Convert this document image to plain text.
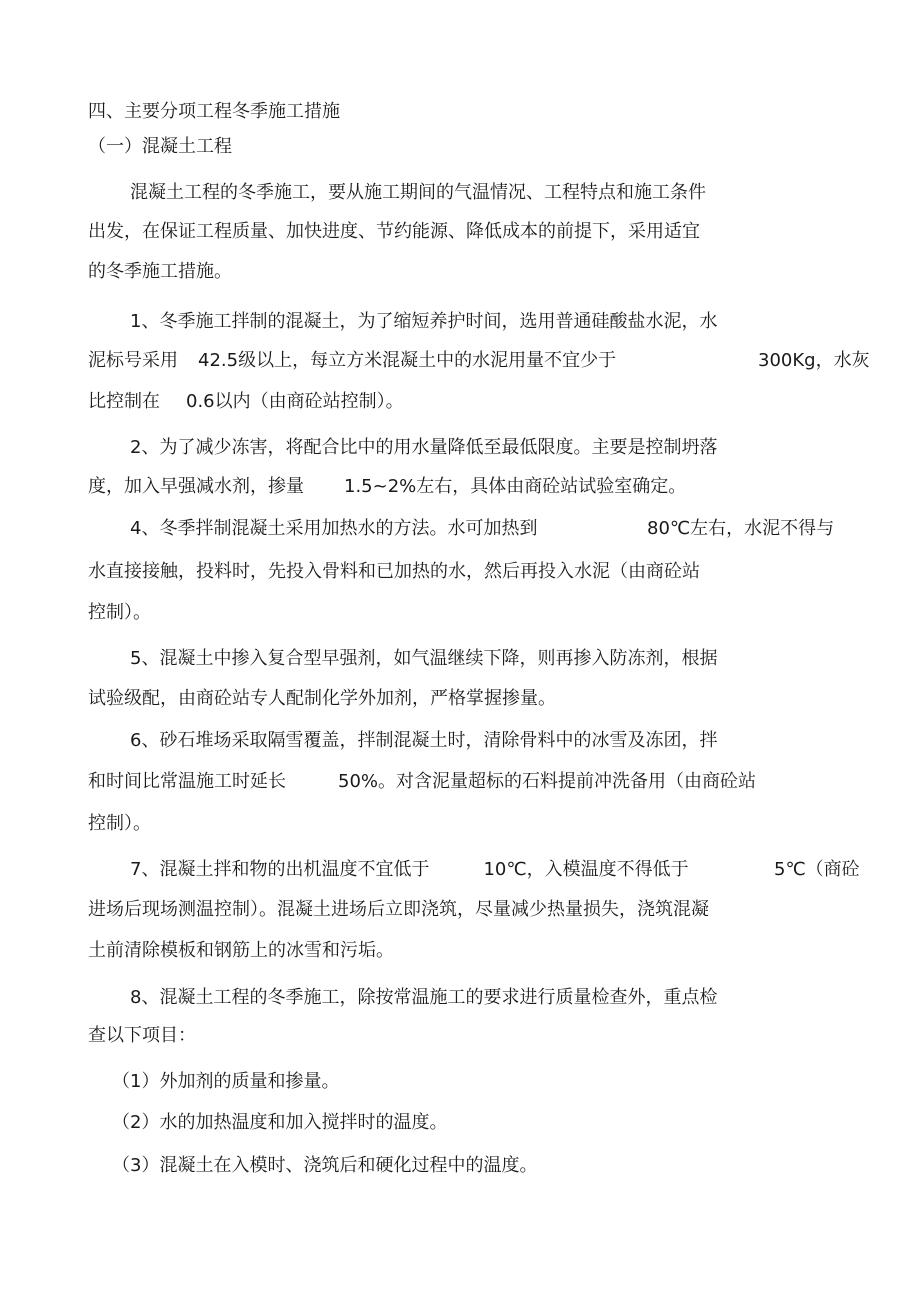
四、主要分项工程冬季施工措施
（一）混凝土工程
混凝土工程的冬季施工，要从施工期间的气温情况、工程特点和施工条件
出发，在保证工程质量、加快进度、节约能源、降低成本的前提下，采用适宜
的冬季施工措施。
1、冬季施工拌制的混凝土，为了缩短养护时间，选用普通硅酸盐水泥，水
泥标号采用 42.5级以上，每立方米混凝土中的水泥用量不宜少于	300Kg，水灰
比控制在 0.6以内（由商砼站控制）。
2、为了减少冻害，将配合比中的用水量降低至最低限度。主要是控制坍落
度，加入早强减水剂，掺量 1.5~2%左右，具体由商砼站试验室确定。
4、冬季拌制混凝土采用加热水的方法。水可加热到	80℃左右，水泥不得与
水直接接触，投料时，先投入骨料和已加热的水，然后再投入水泥（由商砼站
控制）。
5、混凝土中掺入复合型早强剂，如气温继续下降，则再掺入防冻剂，根据
试验级配，由商砼站专人配制化学外加剂，严格掌握掺量。
6、砂石堆场采取隔雪覆盖，拌制混凝土时，清除骨料中的冰雪及冻团，拌
和时间比常温施工时延长	50%。对含泥量超标的石料提前冲洗备用（由商砼站
控制）。
7、混凝土拌和物的出机温度不宜低于	10℃，入模温度不得低于	5℃（商砼
进场后现场测温控制）。混凝土进场后立即浇筑，尽量减少热量损失，浇筑混凝
土前清除模板和钢筋上的冰雪和污垢。
8、混凝土工程的冬季施工，除按常温施工的要求进行质量检查外，重点检
查以下项目：
（1）外加剂的质量和掺量。
（2）水的加热温度和加入搅拌时的温度。
（3）混凝土在入模时、浇筑后和硬化过程中的温度。
